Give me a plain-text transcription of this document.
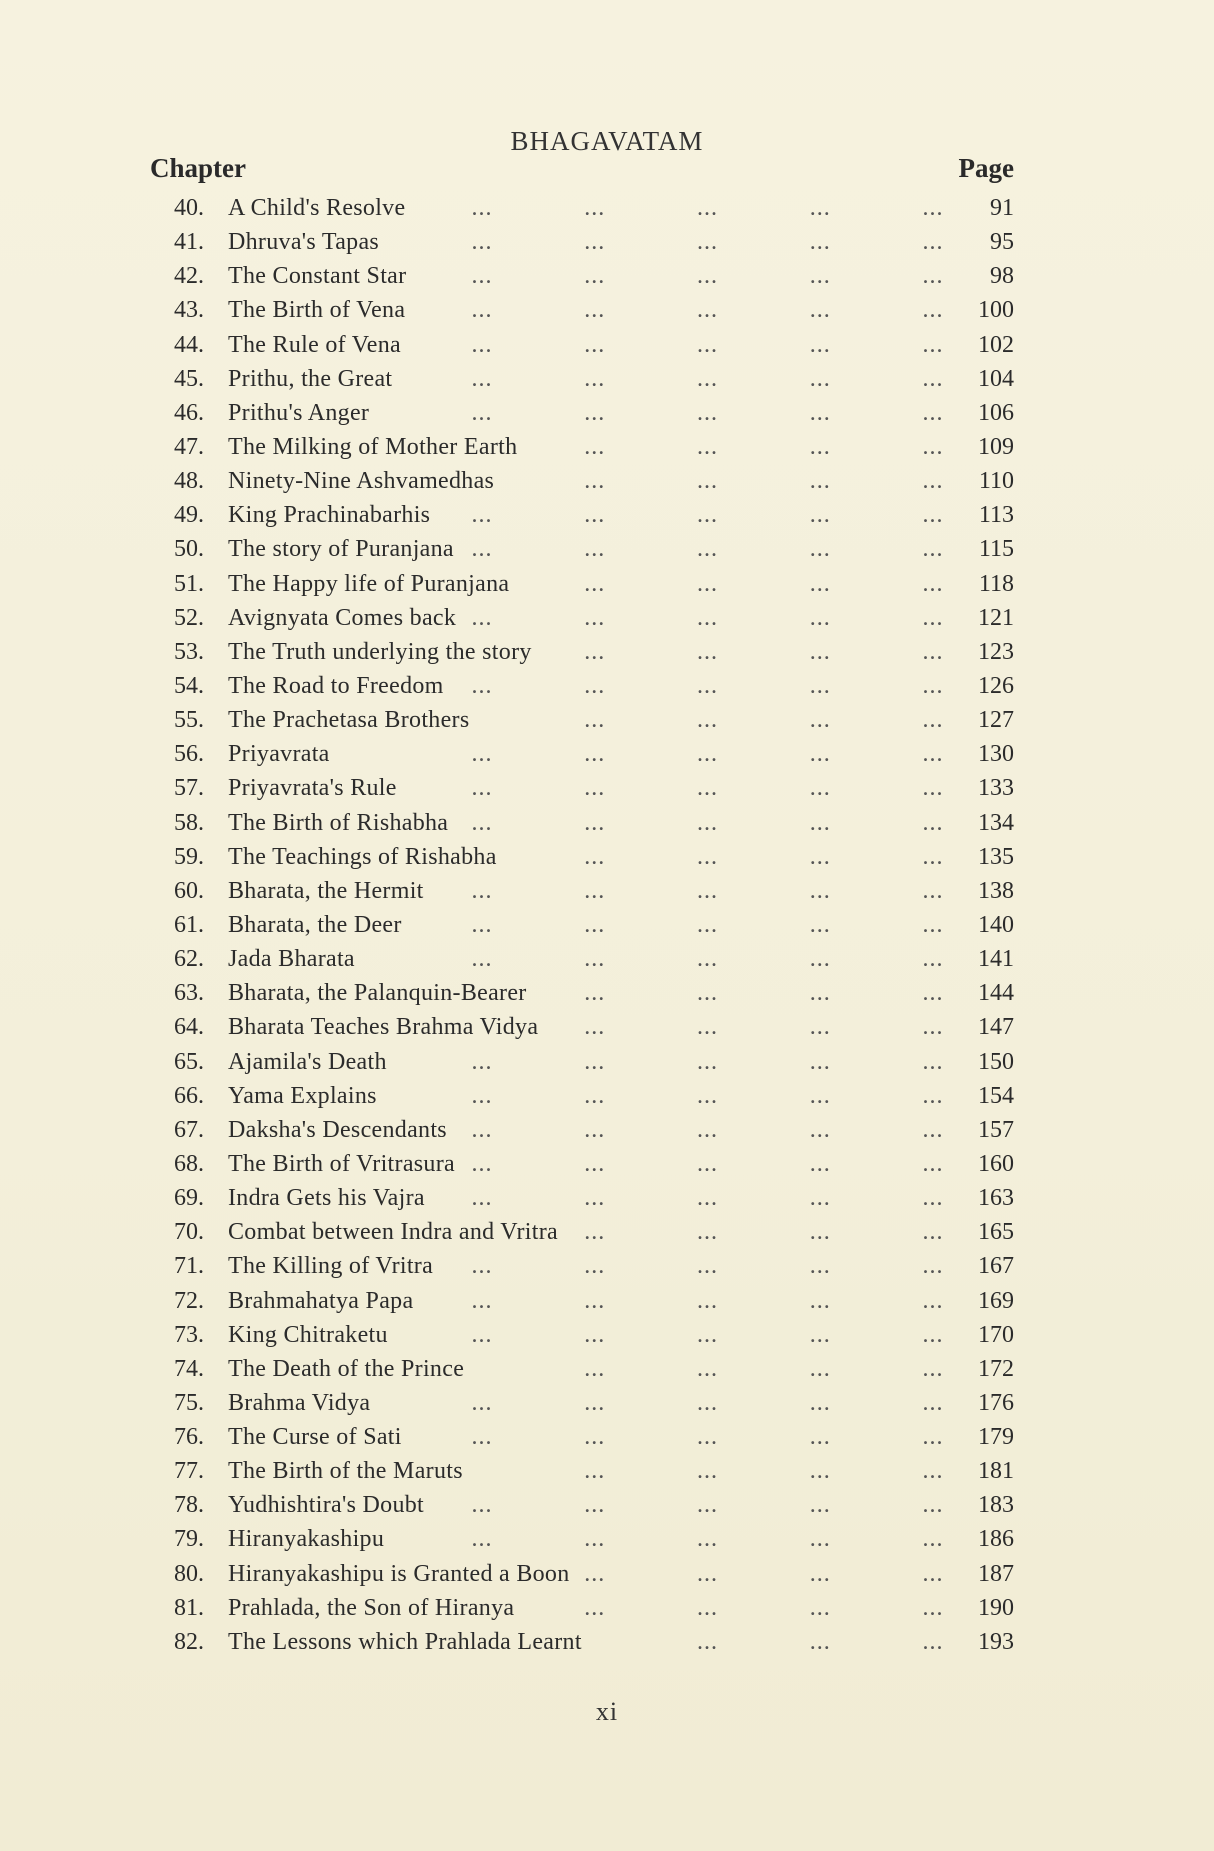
BHAGAVATAM
Chapter	Page
40.	A Child's Resolve	...	...	...	...	...	91
41.	Dhruva's Tapas	...	...	...	...	...	95
42.	The Constant Star	...	...	...	...	...	98
43.	The Birth of Vena	...	...	...	...	...	100
44.	The Rule of Vena	...	...	...	...	...	102
45.	Prithu, the Great	...	...	...	...	...	104
46.	Prithu's Anger	...	...	...	...	...	106
47.	The Milking of Mother Earth	...	...	...	...	109
48.	Ninety-Nine Ashvamedhas	...	...	...	...	110
49.	King Prachinabarhis ...	...	...	...	...	113
50.	The story of Puranjana ...	...	...	...	...	115
51.	The Happy life of Puranjana	...	...	...	...	118
52.	Avignyata Comes back ...	...	...	...	...	121
53.	The Truth underlying the story ...	...	...	...	123
54.	The Road to Freedom ...	...	...	...	...	126
55.	The Prachetasa Brothers	...	...	...	...	127
56.	Priyavrata	...	...	...	...	...	130
57.	Priyavrata's Rule	...	...	...	...	...	133
58.	The Birth of Rishabha ...	...	...	...	...	134
59.	The Teachings of Rishabha	...	...	...	...	135
60.	Bharata, the Hermit ...	...	...	...	...	138
61.	Bharata, the Deer	...	...	...	...	...	140
62.	Jada Bharata	...	...	...	...	...	141
63.	Bharata, the Palanquin-Bearer ...	...	...	...	144
64.	Bharata Teaches Brahma Vidya ...	...	...	...	147
65.	Ajamila's Death	...	...	...	...	...	150
66.	Yama Explains	...	...	...	...	...	154
67.	Daksha's Descendants ...	...	...	...	...	157
68.	The Birth of Vritrasura ...	...	...	...	...	160
69.	Indra Gets his Vajra ...	...	...	...	...	163
70.	Combat between Indra and Vritra ...	...	...	...	165
71.	The Killing of Vritra ...	...	...	...	...	167
72.	Brahmahatya Papa ...	...	...	...	...	169
73.	King Chitraketu	...	...	...	...	...	170
74.	The Death of the Prince	...	...	...	...	172
75.	Brahma Vidya	...	...	...	...	...	176
76.	The Curse of Sati	...	...	...	...	...	179
77.	The Birth of the Maruts	...	...	...	...	181
78.	Yudhishtira's Doubt ...	...	...	...	...	183
79.	Hiranyakashipu	...	...	...	...	...	186
80.	Hiranyakashipu is Granted a Boon ...	...	...	...	187
81.	Prahlada, the Son of Hiranya	...	...	...	...	190
82.	The Lessons which Prahlada Learnt	...	...	...	193
xi
